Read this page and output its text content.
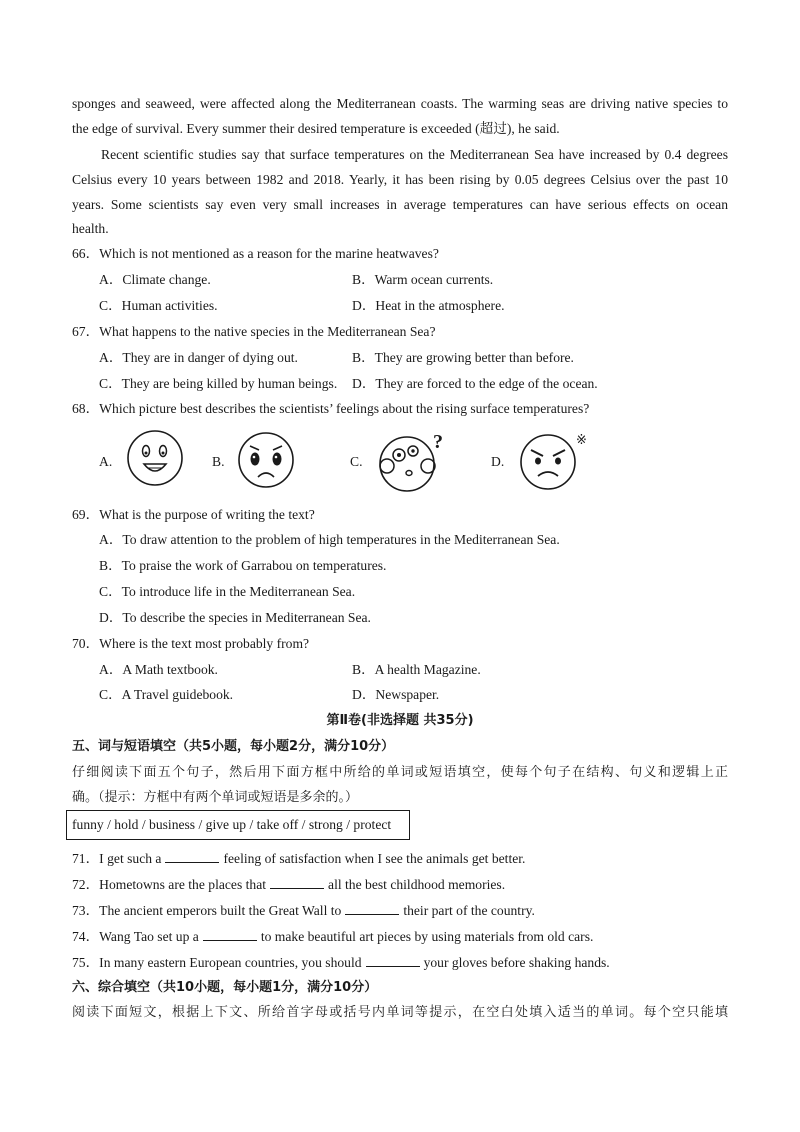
sponges and seaweed, were affected along the Mediterranean coasts. The warming seas are driving native species to
the edge of survival. Every summer their desired temperature is exceeded (超过), he said.
Recent scientific studies say that surface temperatures on the Mediterranean Sea have increased by 0.4 degrees
Celsius every 10 years between 1982 and 2018. Yearly, it has been rising by 0.05 degrees Celsius over the past 10
years. Some scientists say even very small increases in average temperatures can have serious effects on ocean
health.
66．Which is not mentioned as a reason for the marine heatwaves?
A．Climate change.	B．Warm ocean currents.
C．Human activities.	D．Heat in the atmosphere.
67．What happens to the native species in the Mediterranean Sea?
A．They are in danger of dying out.	B．They are growing better than before.
C．They are being killed by human beings. D．They are forced to the edge of the ocean.
68．Which picture best describes the scientists’ feelings about the rising surface temperatures?
A.	B.	C.
?
D.
※
69．What is the purpose of writing the text?
A．To draw attention to the problem of high temperatures in the Mediterranean Sea.
B．To praise the work of Garrabou on temperatures.
C．To introduce life in the Mediterranean Sea.
D．To describe the species in Mediterranean Sea.
70．Where is the text most probably from?
A．A Math textbook.	B．A health Magazine.
C．A Travel guidebook.	D．Newspaper.
第Ⅱ卷(非选择题 共35分)
五、词与短语填空（共5小题，每小题2分，满分10分）
仔细阅读下面五个句子，然后用下面方框中所给的单词或短语填空，使每个句子在结构、句义和逻辑上正
确。（提示：方框中有两个单词或短语是多余的。）
funny / hold / business / give up / take off / strong / protect
71．I get such a	feeling of satisfaction when I see the animals get better.
72．Hometowns are the places that	all the best childhood memories.
73．The ancient emperors built the Great Wall to	their part of the country.
74．Wang Tao set up a	to make beautiful art pieces by using materials from old cars.
75．In many eastern European countries, you should	your gloves before shaking hands.
六、综合填空（共10小题，每小题1分，满分10分）
阅读下面短文，根据上下文、所给首字母或括号内单词等提示，在空白处填入适当的单词。每个空只能填
